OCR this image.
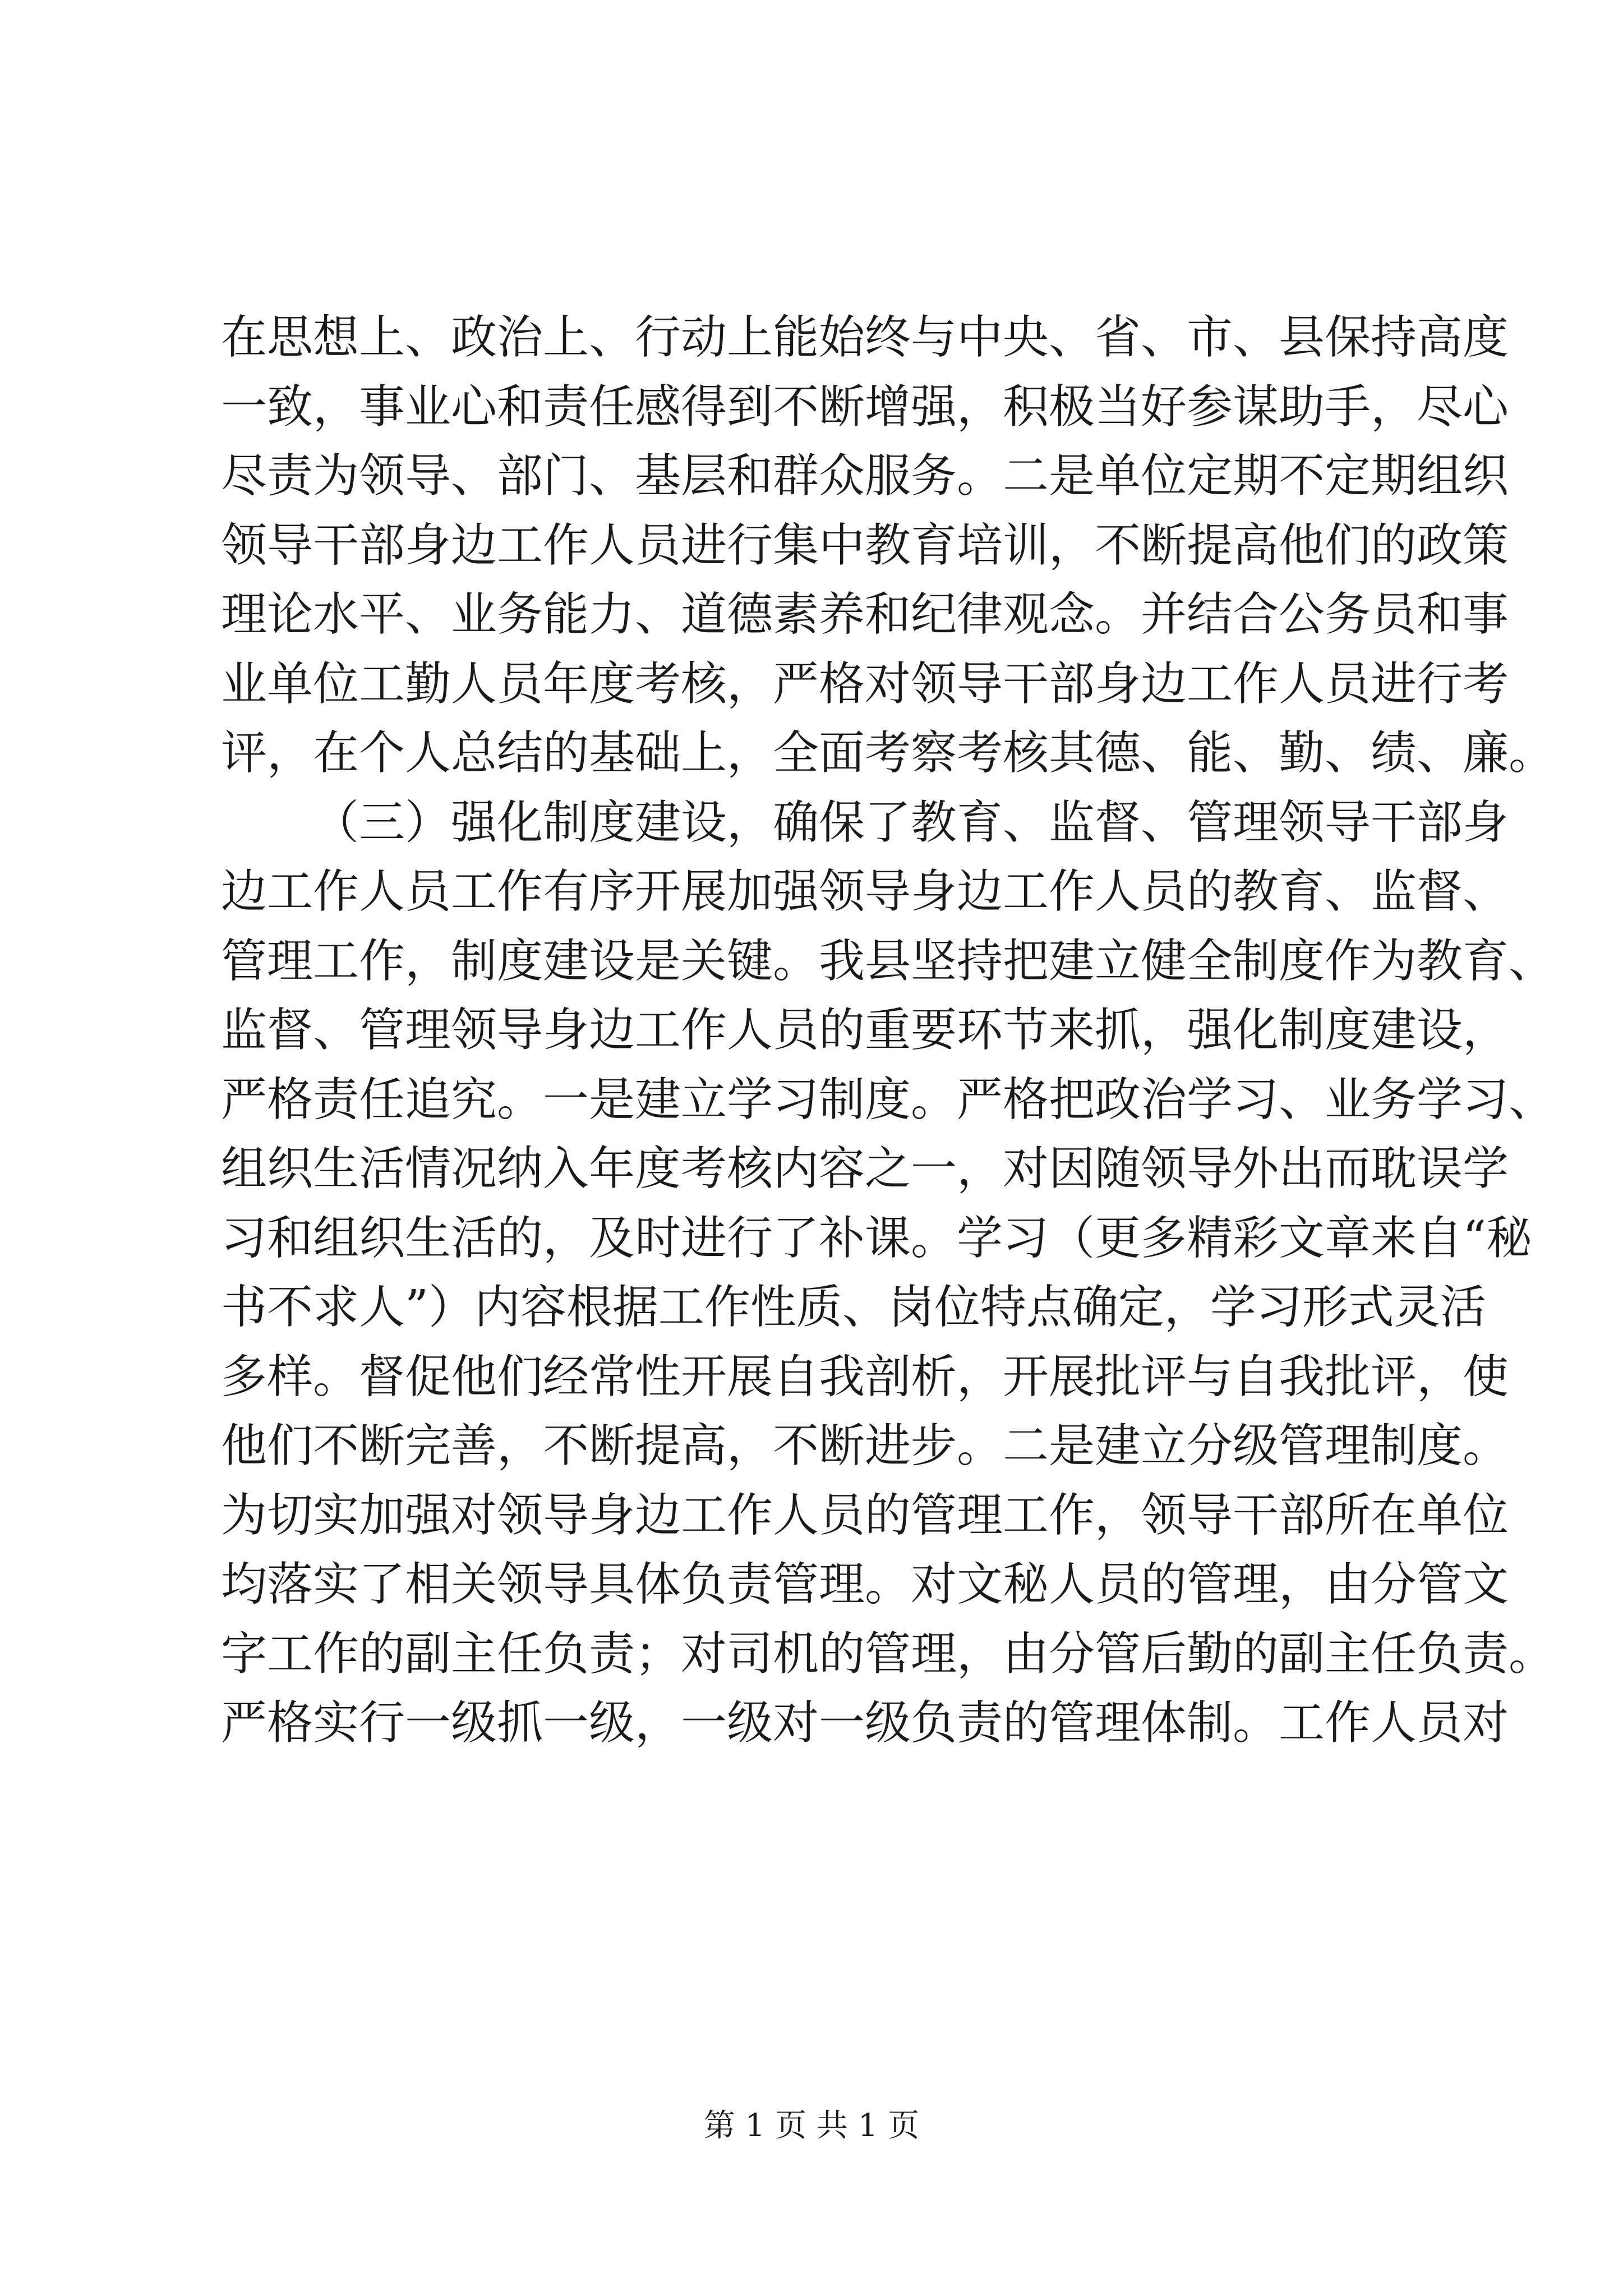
在思想上、政治上、行动上能始终与中央、省、市、县保持高度
一致，事业心和责任感得到不断增强，积极当好参谋助手，尽心
尽责为领导、部门、基层和群众服务。二是单位定期不定期组织
领导干部身边工作人员进行集中教育培训，不断提高他们的政策
理论水平、业务能力、道德素养和纪律观念。并结合公务员和事
业单位工勤人员年度考核，严格对领导干部身边工作人员进行考
评，在个人总结的基础上，全面考察考核其德、能、勤、绩、廉。
（三）强化制度建设，确保了教育、监督、管理领导干部身
边工作人员工作有序开展加强领导身边工作人员的教育、监督、
管理工作，制度建设是关键。我县坚持把建立健全制度作为教育、
监督、管理领导身边工作人员的重要环节来抓，强化制度建设，
严格责任追究。一是建立学习制度。严格把政治学习、业务学习、
组织生活情况纳入年度考核内容之一，对因随领导外出而耽误学
习和组织生活的，及时进行了补课。学习（更多精彩文章来自“秘
书不求人”）内容根据工作性质、岗位特点确定，学习形式灵活
多样。督促他们经常性开展自我剖析，开展批评与自我批评，使
他们不断完善，不断提高，不断进步。二是建立分级管理制度。
为切实加强对领导身边工作人员的管理工作，领导干部所在单位
均落实了相关领导具体负责管理。对文秘人员的管理，由分管文
字工作的副主任负责；对司机的管理，由分管后勤的副主任负责。
严格实行一级抓一级，一级对一级负责的管理体制。工作人员对
第 1 页 共 1 页
